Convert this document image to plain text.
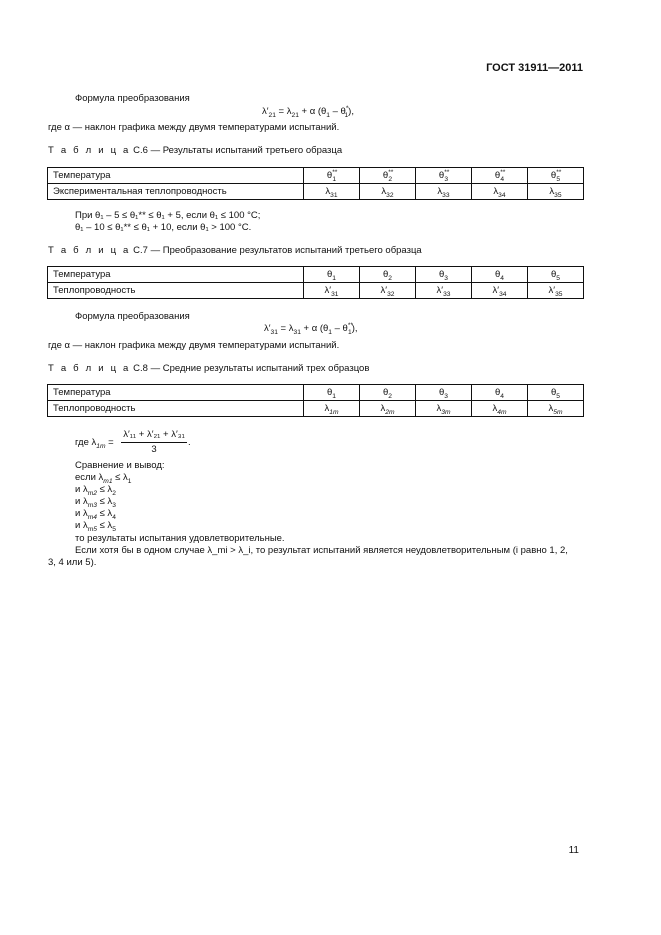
ГОСТ 31911—2011
Формула преобразования
$\lambda'_{21} = \lambda_{21} + \alpha$ $(\theta_1 - \theta^*_1)$,
где α — наклон графика между двумя температурами испытаний.
Т а б л и ц а С.6 — Результаты испытаний третьего образца
Температура	$\theta^{**}_1$	$\theta^{**}_2$	$\theta^{**}_3$	$\theta^{**}_4$	$\theta^{**}_5$
Экспериментальная теплопроводность	$\lambda_{31}$	$\lambda_{32}$	$\lambda_{33}$	$\lambda_{34}$	$\lambda_{35}$
При θ₁ – 5 ≤ θ₁** ≤ θ₁ + 5, если θ₁ ≤ 100 °С;
θ₁ – 10 ≤ θ₁** ≤ θ₁ + 10, если θ₁ > 100 °С.
Т а б л и ц а С.7 — Преобразование результатов испытаний третьего образца
Температура	$\theta_1$	$\theta_2$	$\theta_3$	$\theta_4$	$\theta_5$
Теплопроводность	$\lambda'_{31}$	$\lambda'_{32}$	$\lambda'_{33}$	$\lambda'_{34}$	$\lambda'_{35}$
Формула преобразования
$\lambda'_{31} = \lambda_{31} + \alpha$ $(\theta_1 - \theta^{**}_1)$,
где α — наклон графика между двумя температурами испытаний.
Т а б л и ц а С.8 — Средние результаты испытаний трех образцов
Температура	$\theta_1$	$\theta_2$	$\theta_3$	$\theta_4$	$\theta_5$
Теплопроводность	$\lambda_{1m}$	$\lambda_{2m}$	$\lambda_{3m}$	$\lambda_{4m}$	$\lambda_{5m}$
где $\lambda_{1m}$ =
λ′₁₁ + λ′₂₁ + λ′₃₁
3
.
Сравнение и вывод:
если $\lambda_{m1} \le \lambda_1$
и $\lambda_{m2} \le \lambda_2$
и $\lambda_{m3} \le \lambda_3$
и $\lambda_{m4} \le \lambda_4$
и $\lambda_{m5} \le \lambda_5$
то результаты испытания удовлетворительные.
Если хотя бы в одном случае λ_mi > λ_i, то результат испытаний является неудовлетворительным (i равно 1, 2,
3, 4 или 5).
11
